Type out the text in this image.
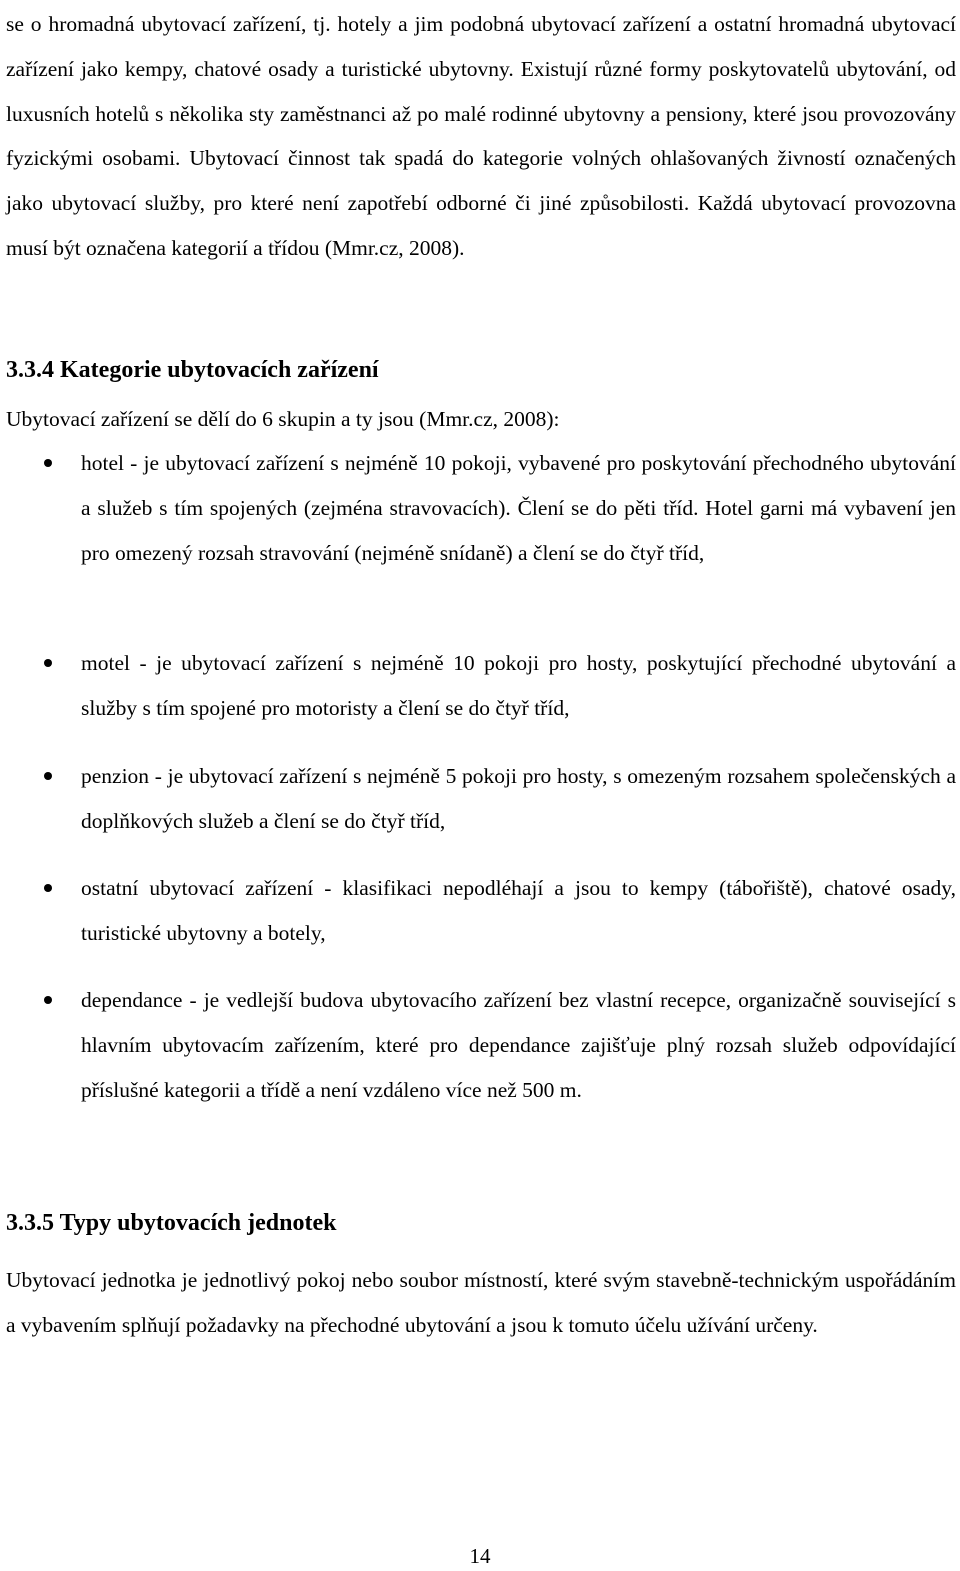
se o hromadná ubytovací zařízení, tj. hotely a jim podobná ubytovací zařízení a ostatní hromadná ubytovací zařízení jako kempy, chatové osady a turistické ubytovny. Existují různé formy poskytovatelů ubytování, od luxusních hotelů s několika sty zaměstnanci až po malé rodinné ubytovny a pensiony, které jsou provozovány fyzickými osobami. Ubytovací činnost tak spadá do kategorie volných ohlašovaných živností označených jako ubytovací služby, pro které není zapotřebí odborné či jiné způsobilosti. Každá ubytovací provozovna musí být označena kategorií a třídou (Mmr.cz, 2008).

3.3.4 Kategorie ubytovacích zařízení

Ubytovací zařízení se dělí do 6 skupin a ty jsou (Mmr.cz, 2008):

hotel - je ubytovací zařízení s nejméně 10 pokoji, vybavené pro poskytování přechodného ubytování a služeb s tím spojených (zejména stravovacích). Člení se do pěti tříd. Hotel garni má vybavení jen pro omezený rozsah stravování (nejméně snídaně) a člení se do čtyř tříd,
motel - je ubytovací zařízení s nejméně 10 pokoji pro hosty, poskytující přechodné ubytování a služby s tím spojené pro motoristy a člení se do čtyř tříd,
penzion - je ubytovací zařízení s nejméně 5 pokoji pro hosty, s omezeným rozsahem společenských a doplňkových služeb a člení se do čtyř tříd,
ostatní ubytovací zařízení - klasifikaci nepodléhají a jsou to kempy (tábořiště), chatové osady, turistické ubytovny a botely,
dependance - je vedlejší budova ubytovacího zařízení bez vlastní recepce, organizačně související s hlavním ubytovacím zařízením, které pro dependance zajišťuje plný rozsah služeb odpovídající příslušné kategorii a třídě a není vzdáleno více než 500 m.
3.3.5 Typy ubytovacích jednotek

Ubytovací jednotka je jednotlivý pokoj nebo soubor místností, které svým stavebně-technickým uspořádáním a vybavením splňují požadavky na přechodné ubytování a jsou k tomuto účelu užívání určeny.

14
